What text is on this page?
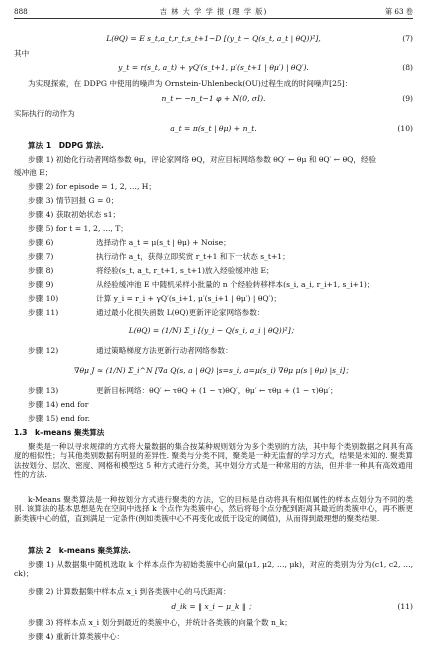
888	吉 林 大 学 学 报 (理 学 版)	第 63 卷
L(θQ) = E s_t,a_t,r_t,s_t+1~D [(y_t − Q(s_t, a_t | θQ))²],	(7)
其中
y_t = r(s_t, a_t) + γQ′(s_t+1, μ′(s_t+1 | θμ′) | θQ′).	(8)
为实现探索，在 DDPG 中使用的噪声为 Ornstein-Uhlenbeck(OU)过程生成的时间噪声[25]：
n_t ← −n_t−1 φ + N(0, σI).	(9)
实际执行的动作为
a_t = π(s_t | θμ) + n_t.	(10)
算法 1　DDPG 算法.
步骤 1) 初始化行动者网络参数 θμ，评论家网络 θQ，对应目标网络参数 θQ′ ← θμ 和 θQ′ ← θQ，经验
缓冲池 E；
步骤 2) for episode = 1, 2, …, H；
步骤 3) 情节回报 G = 0；
步骤 4) 获取初始状态 s1；
步骤 5) for t = 1, 2, …, T；
步骤 6)	选择动作 a_t = μ(s_t | θμ) + Noise；
步骤 7)	执行动作 a_t，获得立即奖赏 r_t+1 和下一状态 s_t+1；
步骤 8)	将经验(s_t, a_t, r_t+1, s_t+1)放入经验缓冲池 E；
步骤 9)	从经验缓冲池 E 中随机采样小批量的 n 个经验转移样本(s_i, a_i, r_i+1, s_i+1)；
步骤 10)	计算 y_i = r_i + γQ′(s_i+1, μ′(s_i+1 | θμ′) | θQ′)；
步骤 11)	通过最小化损失函数 L(θQ)更新评论家网络参数：
L(θQ) = (1/N) Σ_i [(y_i − Q(s_i, a_i | θQ))²]；
步骤 12)	通过策略梯度方法更新行动者网络参数：
∇θμ J ≈ (1/N) Σ_i^N [∇a Q(s, a | θQ) |s=s_i, a=μ(s_i) ∇θμ μ(s | θμ) |s_i]；
步骤 13)	更新目标网络：θQ′ ← τθQ + (1 − τ)θQ′，θμ′ ← τθμ + (1 − τ)θμ′；
步骤 14) end for
步骤 15) end for.
1.3　k-means 聚类算法
聚类是一种以寻求规律的方式将大量数据的集合按某种规则划分为多个类别的方法，其中每个类别数据之间具有高度的相似性；与其他类别数据有明显的差异性. 聚类与分类不同，聚类是一种无监督的学习方式，结果是未知的. 聚类算法按划分、层次、密度、网格和模型这 5 种方式进行分类，其中划分方式是一种常用的方法，但并非一种具有高效通用性的方法.
k-Means 聚类算法是一种按划分方式进行聚类的方法，它的目标是自动将具有相似属性的样本点划分为不同的类别. 该算法的基本思想是先在空间中选择 k 个点作为类簇中心，然后将每个点分配到距离其最近的类簇中心，再不断更新类簇中心的值，直到满足一定条件(例如类簇中心不再变化或低于设定的阈值)，从而得到最理想的聚类结果.
算法 2　k-means 聚类算法.
步骤 1) 从数据集中随机选取 k 个样本点作为初始类簇中心向量(μ1, μ2, …, μk)，对应的类别为分为(c1, c2, …, ck)；
步骤 2) 计算数据集中样本点 x_i 到各类簇中心的马氏距离：
d_ik = ‖ x_i − μ_k ‖ ；	(11)
步骤 3) 将样本点 x_i 划分到最近的类簇中心，并统计各类簇的向量个数 n_k；
步骤 4) 重新计算类簇中心：
